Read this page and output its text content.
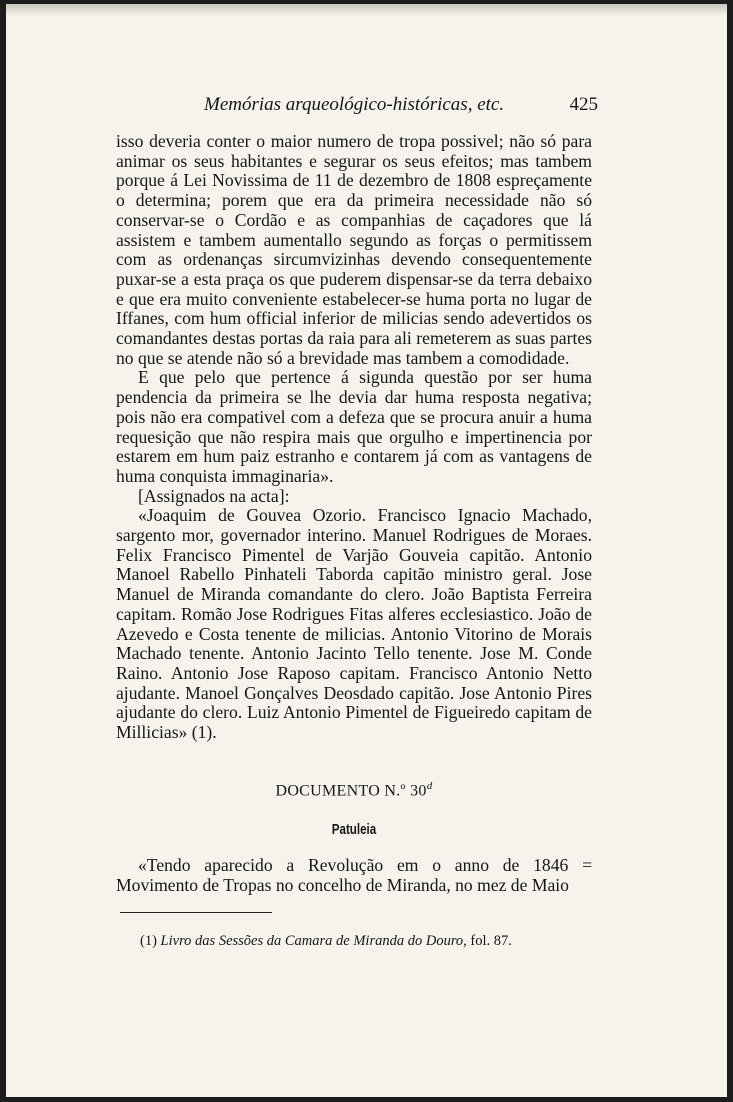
Memórias arqueológico-históricas, etc.	425

isso deveria conter o maior numero de tropa possivel; não só para animar os seus habitantes e segurar os seus efeitos; mas tambem porque á Lei Novissima de 11 de dezembro de 1808 espreçamente o determina; porem que era da primeira necessidade não só conservar-se o Cordão e as companhias de caçadores que lá assistem e tambem aumentallo segundo as forças o permitissem com as ordenanças sircumvizinhas devendo consequentemente puxar-se a esta praça os que puderem dispensar-se da terra debaixo e que era muito conveniente estabelecer-se huma porta no lugar de Iffanes, com hum official inferior de milicias sendo adevertidos os comandantes destas portas da raia para ali remeterem as suas partes no que se atende não só a brevidade mas tambem a comodidade.

E que pelo que pertence á sigunda questão por ser huma pendencia da primeira se lhe devia dar huma resposta negativa; pois não era compativel com a defeza que se procura anuir a huma requesição que não respira mais que orgulho e impertinencia por estarem em hum paiz estranho e contarem já com as vantagens de huma conquista immaginaria».

[Assignados na acta]:

«Joaquim de Gouvea Ozorio. Francisco Ignacio Machado, sargento mor, governador interino. Manuel Rodrigues de Moraes. Felix Francisco Pimentel de Varjão Gouveia capitão. Antonio Manoel Rabello Pinhateli Taborda capitão ministro geral. Jose Manuel de Miranda comandante do clero. João Baptista Ferreira capitam. Romão Jose Rodrigues Fitas alferes ecclesiastico. João de Azevedo e Costa tenente de milicias. Antonio Vitorino de Morais Machado tenente. Antonio Jacinto Tello tenente. Jose M. Conde Raino. Antonio Jose Raposo capitam. Francisco Antonio Netto ajudante. Manoel Gonçalves Deosdado capitão. Jose Antonio Pires ajudante do clero. Luiz Antonio Pimentel de Figueiredo capitam de Millicias» (1).

DOCUMENTO N.º 30$^d$
Patuleia

«Tendo aparecido a Revolução em o anno de 1846 = Movimento de Tropas no concelho de Miranda, no mez de Maio

(1) Livro das Sessões da Camara de Miranda do Douro, fol. 87.
